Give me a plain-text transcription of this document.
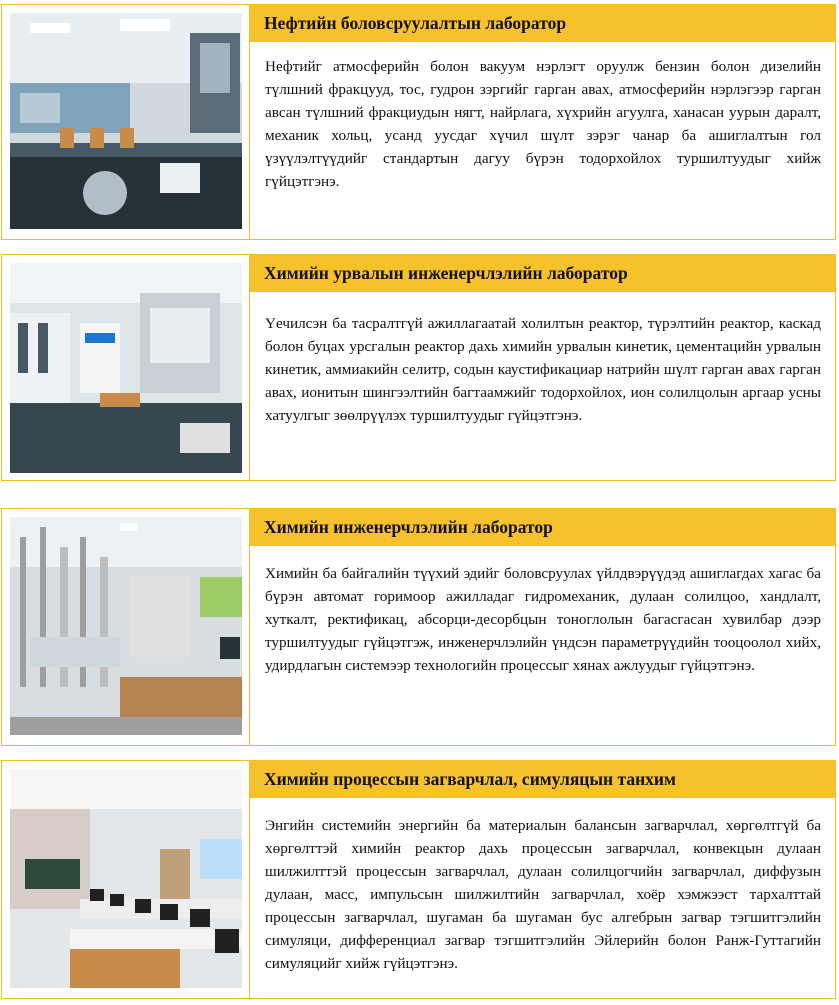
Нефтийн боловсруулалтын лаборатор
Нефтийг атмосферийн болон вакуум нэрлэгт оруулж бензин болон дизелийн түлшний фракцууд, тос, гудрон зэргийг гарган авах, атмосферийн нэрлэгээр гарган авсан түлшний фракциудын нягт, найрлага, хүхрийн агуулга, ханасан уурын даралт, механик хольц, усанд уусдаг хүчил шүлт зэрэг чанар ба ашиглалтын гол үзүүлэлтүүдийг стандартын дагуу бүрэн тодорхойлох туршилтуудыг хийж гүйцэтгэнэ.
Химийн урвалын инженерчлэлийн лаборатор
Үечилсэн ба тасралтгүй ажиллагаатай холилтын реактор, түрэлтийн реактор, каскад болон буцах урсгалын реактор дахь химийн урвалын кинетик, цементацийн урвалын кинетик, аммиакийн селитр, содын каустификациар натрийн шүлт гарган авах гарган авах, ионитын шингээлтийн багтаамжийг тодорхойлох, ион солилцолын аргаар усны хатуулгыг зөөлрүүлэх туршилтуудыг гүйцэтгэнэ.
Химийн инженерчлэлийн лаборатор
Химийн ба байгалийн түүхий эдийг боловсруулах үйлдвэрүүдэд ашиглагдах хагас ба бүрэн автомат горимоор ажилладаг гидромеханик, дулаан солилцоо, хандлалт, хуткалт, ректификац, абсорци-десорбцын тоноглолын багасгасан хувилбар дээр туршилтуудыг гүйцэтгэж, инженерчлэлийн үндсэн параметрүүдийн тооцоолол хийх, удирдлагын системээр технологийн процессыг хянах ажлуудыг гүйцэтгэнэ.
Химийн процессын загварчлал, симуляцын танхим
Энгийн системийн энергийн ба материалын балансын загварчлал, хөргөлтгүй ба хөргөлттэй химийн реактор дахь процессын загварчлал, конвекцын дулаан шилжилттэй процессын загварчлал, дулаан солилцогчийн загварчлал, диффузын дулаан, масс, импульсын шилжилтийн загварчлал, хоёр хэмжээст тархалттай процессын загварчлал, шугаман ба шугаман бус алгебрын загвар тэгшитгэлийн симуляци, дифференциал загвар тэгшитгэлийн Эйлерийн болон Ранж-Гуттагийн симуляцийг хийж гүйцэтгэнэ.
